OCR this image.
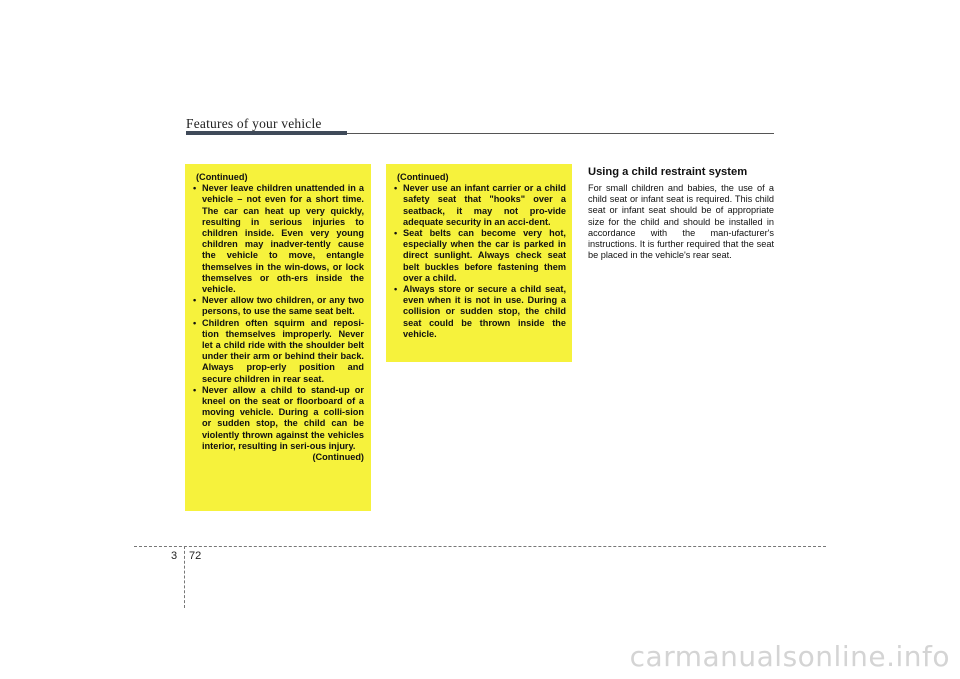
Features of your vehicle

(Continued)

• Never leave children unattended in a vehicle – not even for a short time. The car can heat up very quickly, resulting in serious injuries to children inside. Even very young children may inadver-tently cause the vehicle to move, entangle themselves in the win-dows, or lock themselves or oth-ers inside the vehicle.
• Never allow two children, or any two persons, to use the same seat belt.
• Children often squirm and reposi-tion themselves improperly. Never let a child ride with the shoulder belt under their arm or behind their back. Always prop-erly position and secure children in rear seat.
• Never allow a child to stand-up or kneel on the seat or floorboard of a moving vehicle. During a colli-sion or sudden stop, the child can be violently thrown against the vehicles interior, resulting in seri-ous injury.

(Continued)

(Continued)

• Never use an infant carrier or a child safety seat that "hooks" over a seatback, it may not pro-vide adequate security in an acci-dent.
• Seat belts can become very hot, especially when the car is parked in direct sunlight. Always check seat belt buckles before fastening them over a child.
• Always store or secure a child seat, even when it is not in use. During a collision or sudden stop, the child seat could be thrown inside the vehicle.
Using a child restraint system

For small children and babies, the use of a child seat or infant seat is required. This child seat or infant seat should be of appropriate size for the child and should be installed in accordance with the man-ufacturer's instructions. It is further required that the seat be placed in the vehicle's rear seat.

3 72
carmanualsonline.info
